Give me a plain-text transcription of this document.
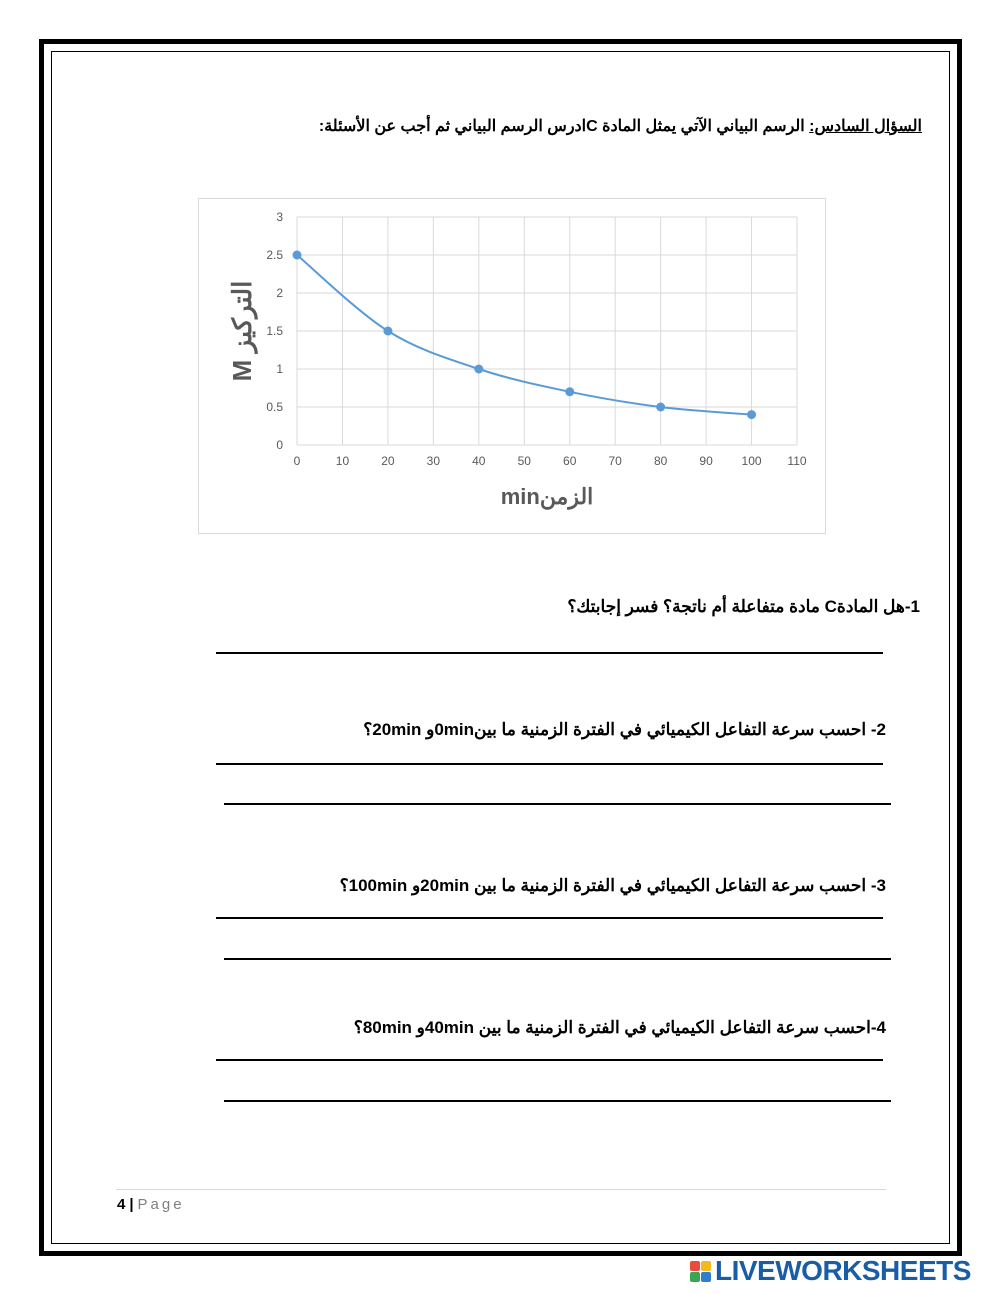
السؤال السادس: الرسم البياني الآتي يمثل المادة Cادرس الرسم البياني ثم أجب عن الأسئلة:
0
0.5
1
1.5
2
2.5
3
0	10	20	30	40	50	60	70	80	90 100 110
الزمنmin
التركيز M
1-هل المادةC مادة متفاعلة أم ناتجة؟ فسر إجابتك؟
2- احسب سرعة التفاعل الكيميائي في الفترة الزمنية ما بين0minو 20min؟
3- احسب سرعة التفاعل الكيميائي في الفترة الزمنية ما بين 20minو 100min؟
4-احسب سرعة التفاعل الكيميائي في الفترة الزمنية ما بين 40minو 80min؟
4 | Page
LIVEWORKSHEETS
